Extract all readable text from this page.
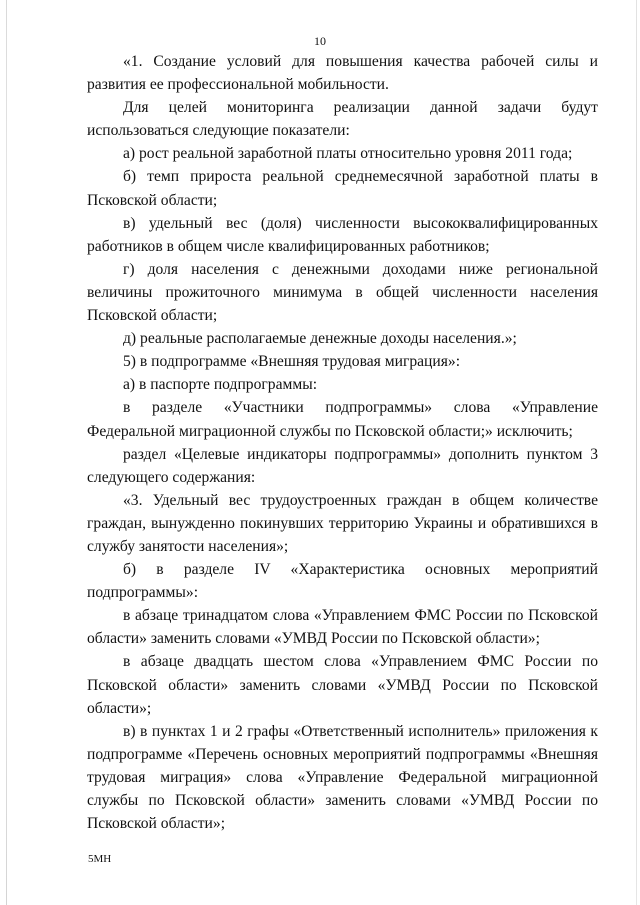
10

«1. Создание условий для повышения качества рабочей силы и развития ее профессиональной мобильности.

Для целей мониторинга реализации данной задачи будут использоваться следующие показатели:

а) рост реальной заработной платы относительно уровня 2011 года;

б) темп прироста реальной среднемесячной заработной платы в Псковской области;

в) удельный вес (доля) численности высококвалифицированных работников в общем числе квалифицированных работников;

г) доля населения с денежными доходами ниже региональной величины прожиточного минимума в общей численности населения Псковской области;

д) реальные располагаемые денежные доходы населения.»;

5) в подпрограмме «Внешняя трудовая миграция»:

а) в паспорте подпрограммы:

в разделе «Участники подпрограммы» слова «Управление Федеральной миграционной службы по Псковской области;» исключить;

раздел «Целевые индикаторы подпрограммы» дополнить пунктом 3 следующего содержания:

«3. Удельный вес трудоустроенных граждан в общем количестве граждан, вынужденно покинувших территорию Украины и обратившихся в службу занятости населения»;

б) в разделе IV «Характеристика основных мероприятий подпрограммы»:

в абзаце тринадцатом слова «Управлением ФМС России по Псковской области» заменить словами «УМВД России по Псковской области»;

в абзаце двадцать шестом слова «Управлением ФМС России по Псковской области» заменить словами «УМВД России по Псковской области»;

в) в пунктах 1 и 2 графы «Ответственный исполнитель» приложения к подпрограмме «Перечень основных мероприятий подпрограммы «Внешняя трудовая миграция» слова «Управление Федеральной миграционной службы по Псковской области» заменить словами «УМВД России по Псковской области»;

5МН
